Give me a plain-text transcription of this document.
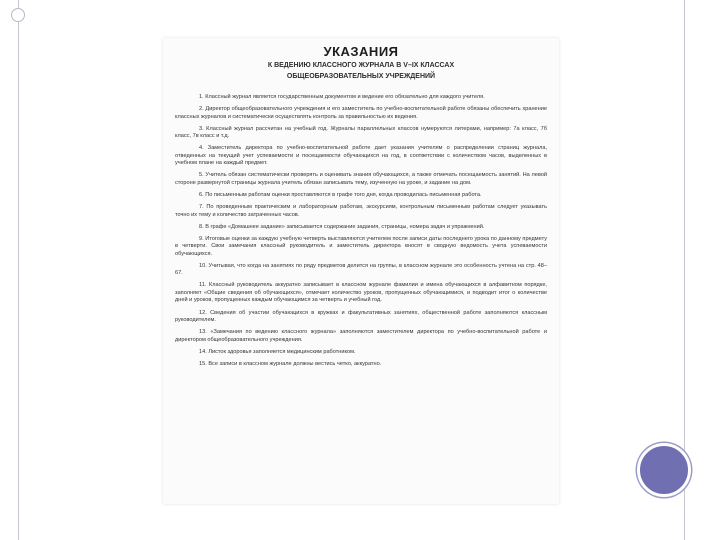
УКАЗАНИЯ
К ВЕДЕНИЮ КЛАССНОГО ЖУРНАЛА В V–IX КЛАССАХ
ОБЩЕОБРАЗОВАТЕЛЬНЫХ УЧРЕЖДЕНИЙ

1. Классный журнал является государственным документом и ведение его обязательно для каждого учителя.

2. Директор общеобразовательного учреждения и его заместитель по учебно-воспитательной работе обязаны обеспечить хранение классных журналов и систематически осуществлять контроль за правильностью их ведения.

3. Классный журнал рассчитан на учебный год. Журналы параллельных классов нумеруются литерами, например: 7а класс, 7б класс, 7в класс и т.д.

4. Заместитель директора по учебно-воспитательной работе дает указания учителям о распределении страниц журнала, отведенных на текущий учет успеваемости и посещаемости обучающихся на год, в соответствии с количеством часов, выделенных в учебном плане на каждый предмет.

5. Учитель обязан систематически проверять и оценивать знания обучающихся, а также отмечать посещаемость занятий. На левой стороне развернутой страницы журнала учитель обязан записывать тему, изученную на уроке, и задание на дом.

6. По письменным работам оценки проставляются в графе того дня, когда проводилась письменная работа.

7. По проведенным практическим и лабораторным работам, экскурсиям, контрольным письменным работам следует указывать точно их тему и количество затраченных часов.

8. В графе «Домашнее задание» записывается содержание задания, страницы, номера задач и упражнений.

9. Итоговые оценки за каждую учебную четверть выставляются учителем после записи даты последнего урока по данному предмету в четверти. Свои замечания классный руководитель и заместитель директора вносят в сводную ведомость учета успеваемости обучающихся.

10. Учитывая, что когда на занятиях по ряду предметов делится на группы, в классном журнале это особенность учтена на стр. 48–67.

11. Классный руководитель аккуратно записывает в классном журнале фамилии и имена обучающихся в алфавитном порядке, заполняет «Общие сведения об обучающихся», отмечает количество уроков, пропущенных обучающимися, и подводит итог о количестве дней и уроков, пропущенных каждым обучающимся за четверть и учебный год.

12. Сведения об участии обучающихся в кружках и факультативных занятиях, общественной работе заполняются классным руководителем.

13. «Замечания по ведению классного журнала» заполняются заместителем директора по учебно-воспитательной работе и директором общеобразовательного учреждения.

14. Листок здоровья заполняется медицинским работником.

15. Все записи в классном журнале должны вестись четко, аккуратно.
